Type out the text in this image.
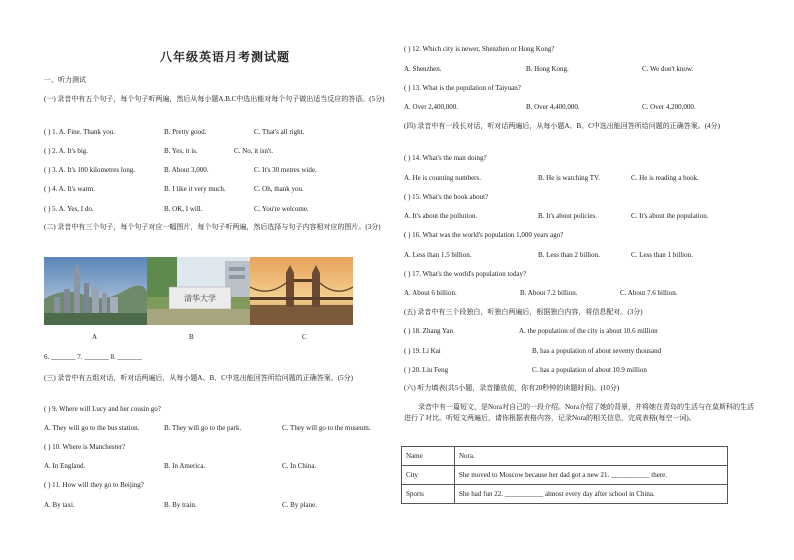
八年级英语月考测试题
一、听力测试
(一) 录音中有五个句子，每个句子听两遍，然后从每小题A.B.C中选出能对每个句子做出适当反应的答语。(5分)
( ) 1. A. Fine. Thank you.	B. Pretty good.	C. That's all right.
( ) 2. A. It's big.	B. Yes, it is.	C. No, it isn't.
( ) 3. A. It's 100 kilometres long.	B. About 3,000.	C. It's 30 metres wide.
( ) 4. A. It's warm.	B. I like it very much.	C. Oh, thank you.
( ) 5. A. Yes, I do.	B. OK, I will.	C. You're welcome.
(二) 录音中有三个句子，每个句子对应一幅图片，每个句子听两遍，然后选择与句子内容相对应的图片。(3分)
清华大学
A	B	C
6. _______ 7. _______ 8. _______
(三) 录音中有五组对话，听对话两遍后，从每小题A、B、C中选出能回答所给问题的正确答案。(5分)
( ) 9. Where will Lucy and her cousin go?
A. They will go to the bus station.	B. They will go to the park.	C. They will go to the museum.
( ) 10. Where is Manchester?
A. In England.	B. In America.	C. In China.
( ) 11. How will they go to Beijing?
A. By taxi.	B. By train.	C. By plane.
( ) 12. Which city is newer, Shenzhen or Hong Kong?
A. Shenzhen.	B. Hong Kong.	C. We don't know.
( ) 13. What is the population of Taiyuan?
A. Over 2,400,000.	B. Over 4,400,000.	C. Over 4,200,000.
(四) 录音中有一段长对话，听对话两遍后，从每小题A、B、C中选出能回答所给问题的正确答案。(4分)
( ) 14. What's the man doing?
A. He is counting numbers.	B. He is watching TV.	C. He is reading a book.
( ) 15. What's the book about?
A. It's about the pollution.	B. It's about policies.	C. It's about the population.
( ) 16. What was the world's population 1,000 years ago?
A. Less than 1.5 billion.	B. Less than 2 billion.	C. Less than 1 billion.
( ) 17. What's the world's population today?
A. About 6 billion.	B. About 7.2 billion.	C. About 7.6 billion.
(五) 录音中有三个段独白，听独白两遍后，根据独白内容，将信息配对。(3分)
( ) 18. Zhang Yan	A. the population of the city is about 10.6 million
( ) 19. Li Kai	B. has a population of about seventy thousand
( ) 20. Liu Feng	C. has a population of about 10.9 million
(六) 听力填表(共5小题，录音播放前，你有20秒钟的读题时间)。(10分)
录音中有一篇短文，是Nora对自己的一段介绍。Nora介绍了她的背景，并将她在青岛的生活与在莫斯科的生活进行了对比。听短文两遍后，请你根据表格内容，记录Nora的相关信息，完成表格(每空一词)。
Name	Nora.
City	She moved to Moscow because her dad got a new 21. ___________ there.
Sports	She had fun 22. ___________ almost every day after school in China.
